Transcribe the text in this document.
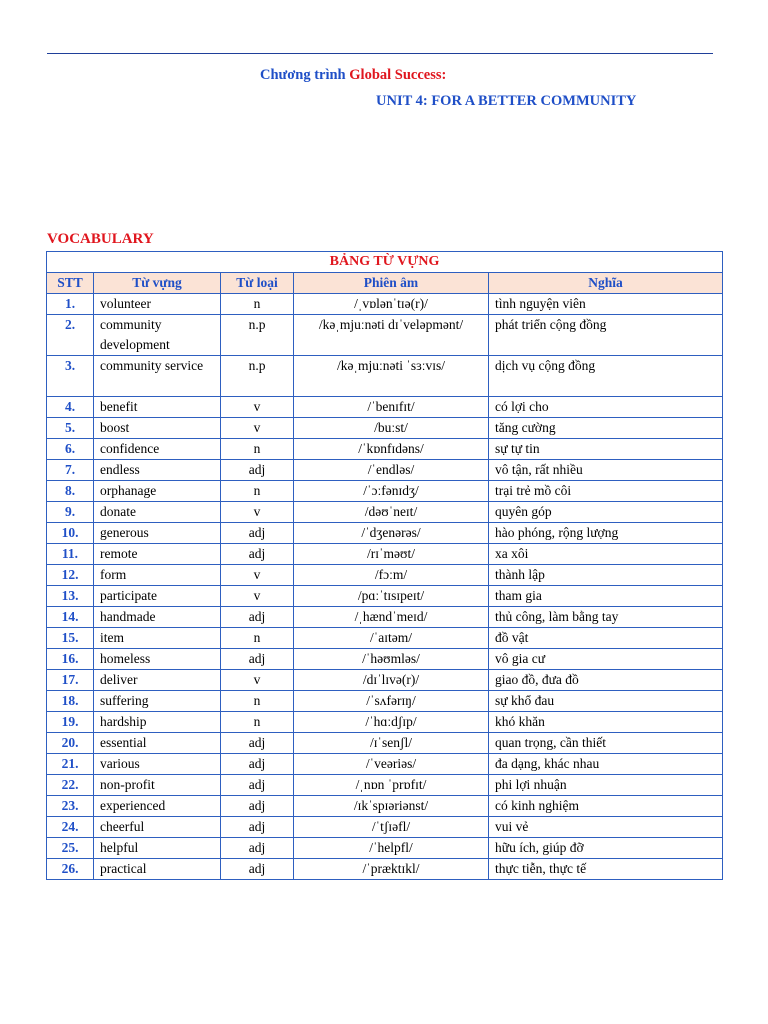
Chương trình Global Success:
UNIT 4: FOR A BETTER COMMUNITY
VOCABULARY
BẢNG TỪ VỰNG				
STT	Từ vựng	Từ loại	Phiên âm	Nghĩa
1.	volunteer	n	/ˌvɒlənˈtɪə(r)/	tình nguyện viên
2.	community development	n.p	/kəˌmjuːnəti dɪˈveləpmənt/	phát triển cộng đồng
3.	community service	n.p	/kəˌmjuːnəti ˈsɜːvɪs/	dịch vụ cộng đồng
4.	benefit	v	/ˈbenɪfɪt/	có lợi cho
5.	boost	v	/buːst/	tăng cường
6.	confidence	n	/ˈkɒnfɪdəns/	sự tự tin
7.	endless	adj	/ˈendləs/	vô tận, rất nhiều
8.	orphanage	n	/ˈɔːfənɪdʒ/	trại trẻ mồ côi
9.	donate	v	/dəʊˈneɪt/	quyên góp
10.	generous	adj	/ˈdʒenərəs/	hào phóng, rộng lượng
11.	remote	adj	/rɪˈməʊt/	xa xôi
12.	form	v	/fɔːm/	thành lập
13.	participate	v	/pɑːˈtɪsɪpeɪt/	tham gia
14.	handmade	adj	/ˌhændˈmeɪd/	thủ công, làm bằng tay
15.	item	n	/ˈaɪtəm/	đồ vật
16.	homeless	adj	/ˈhəʊmləs/	vô gia cư
17.	deliver	v	/dɪˈlɪvə(r)/	giao đồ, đưa đồ
18.	suffering	n	/ˈsʌfərɪŋ/	sự khổ đau
19.	hardship	n	/ˈhɑːdʃɪp/	khó khăn
20.	essential	adj	/ɪˈsenʃl/	quan trọng, cần thiết
21.	various	adj	/ˈveəriəs/	đa dạng, khác nhau
22.	non-profit	adj	/ˌnɒn ˈprɒfɪt/	phi lợi nhuận
23.	experienced	adj	/ɪkˈspɪəriənst/	có kinh nghiệm
24.	cheerful	adj	/ˈtʃɪəfl/	vui vẻ
25.	helpful	adj	/ˈhelpfl/	hữu ích, giúp đỡ
26.	practical	adj	/ˈpræktɪkl/	thực tiễn, thực tế
